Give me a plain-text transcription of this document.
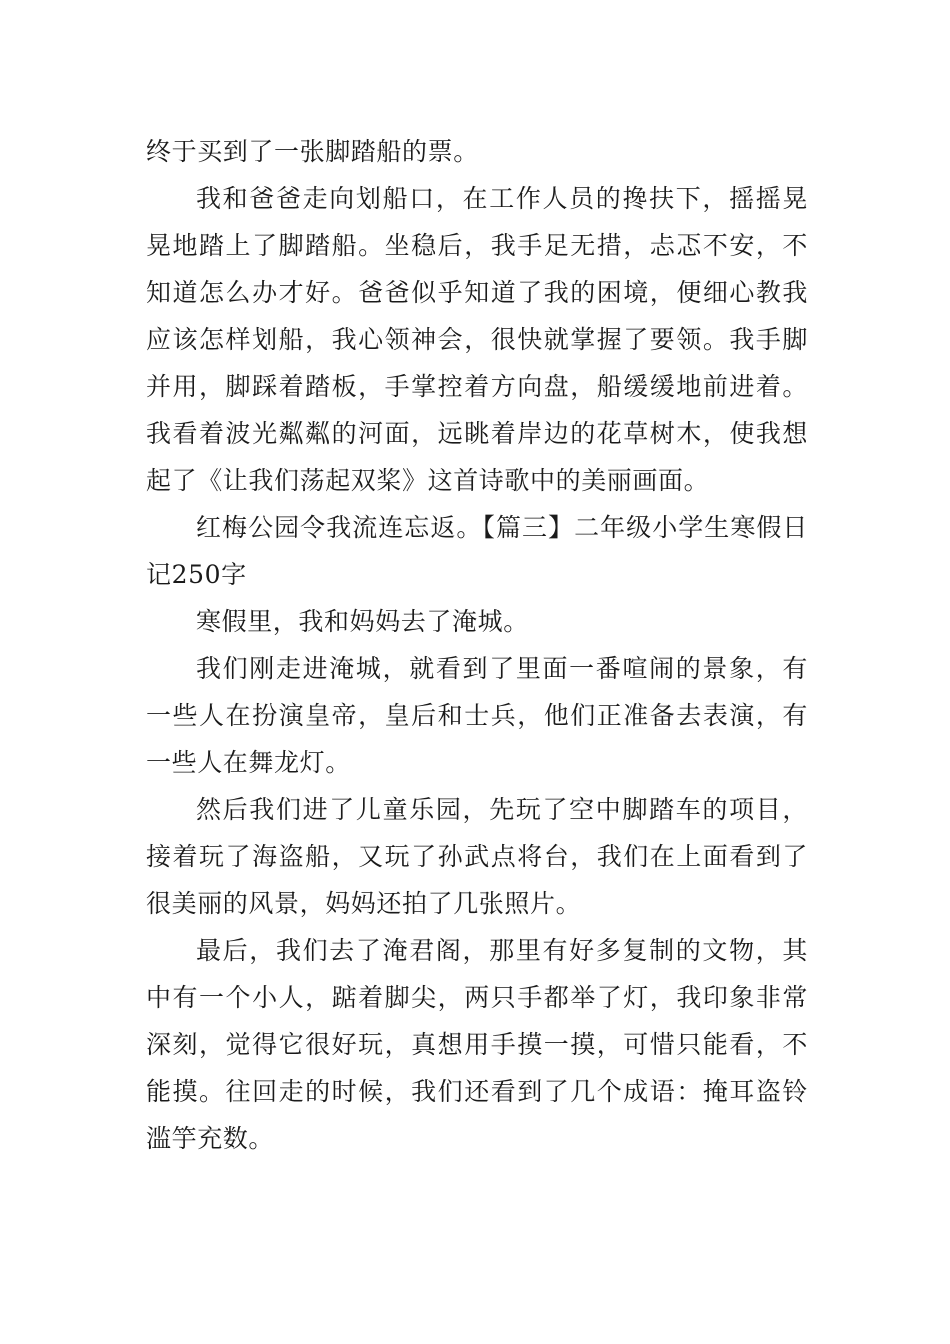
终于买到了一张脚踏船的票。

我和爸爸走向划船口，在工作人员的搀扶下，摇摇晃晃地踏上了脚踏船。坐稳后，我手足无措，忐忑不安，不知道怎么办才好。爸爸似乎知道了我的困境，便细心教我应该怎样划船，我心领神会，很快就掌握了要领。我手脚并用，脚踩着踏板，手掌控着方向盘，船缓缓地前进着。我看着波光粼粼的河面，远眺着岸边的花草树木，使我想起了《让我们荡起双桨》这首诗歌中的美丽画面。

红梅公园令我流连忘返。【篇三】二年级小学生寒假日记250字

寒假里，我和妈妈去了淹城。

我们刚走进淹城，就看到了里面一番喧闹的景象，有一些人在扮演皇帝，皇后和士兵，他们正准备去表演，有一些人在舞龙灯。

然后我们进了儿童乐园，先玩了空中脚踏车的项目，接着玩了海盗船，又玩了孙武点将台，我们在上面看到了很美丽的风景，妈妈还拍了几张照片。

最后，我们去了淹君阁，那里有好多复制的文物，其中有一个小人，踮着脚尖，两只手都举了灯，我印象非常深刻，觉得它很好玩，真想用手摸一摸，可惜只能看，不能摸。往回走的时候，我们还看到了几个成语：掩耳盗铃滥竽充数。
